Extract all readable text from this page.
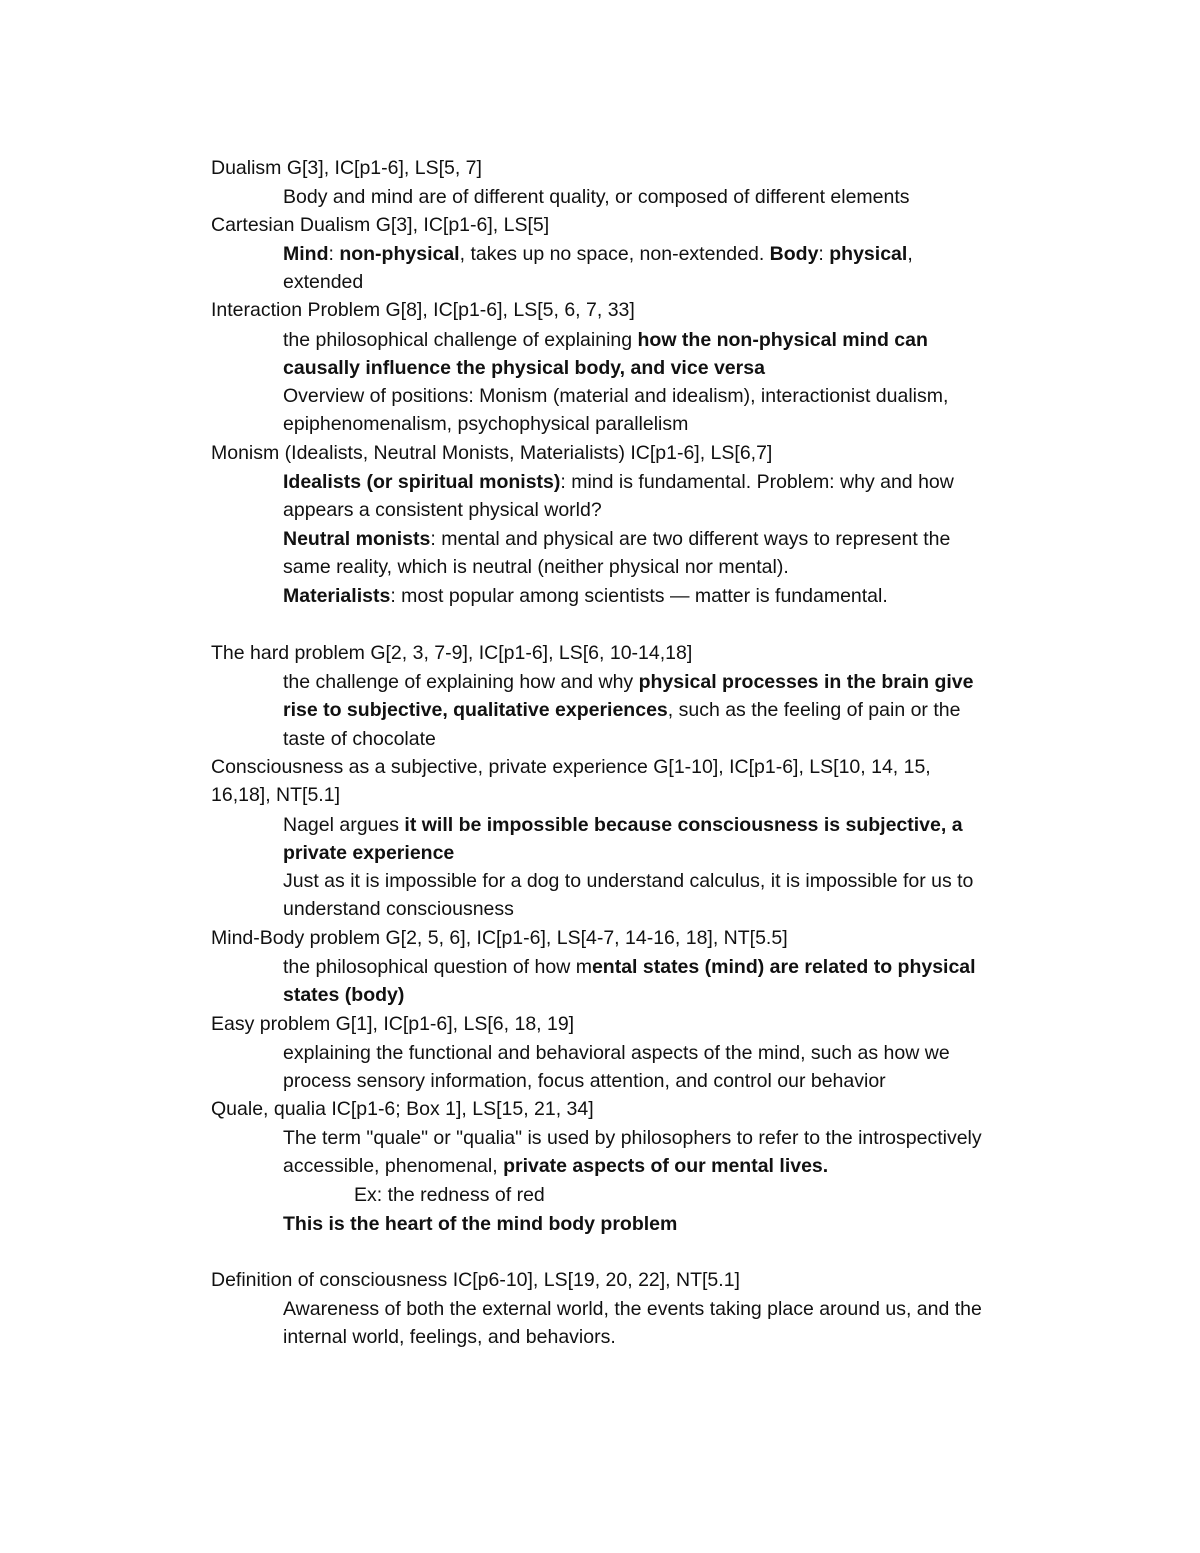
Dualism G[3], IC[p1-6], LS[5, 7]
Body and mind are of different quality, or composed of different elements
Cartesian Dualism G[3], IC[p1-6], LS[5]
Mind: non-physical, takes up no space, non-extended. Body: physical,
extended
Interaction Problem G[8], IC[p1-6], LS[5, 6, 7, 33]
the philosophical challenge of explaining how the non-physical mind can
causally influence the physical body, and vice versa
Overview of positions: Monism (material and idealism), interactionist dualism,
epiphenomenalism, psychophysical parallelism
Monism (Idealists, Neutral Monists, Materialists) IC[p1-6], LS[6,7]
Idealists (or spiritual monists): mind is fundamental. Problem: why and how
appears a consistent physical world?
Neutral monists: mental and physical are two different ways to represent the
same reality, which is neutral (neither physical nor mental).
Materialists: most popular among scientists — matter is fundamental.
The hard problem G[2, 3, 7-9], IC[p1-6], LS[6, 10-14,18]
the challenge of explaining how and why physical processes in the brain give
rise to subjective, qualitative experiences, such as the feeling of pain or the
taste of chocolate
Consciousness as a subjective, private experience G[1-10], IC[p1-6], LS[10, 14, 15,
16,18], NT[5.1]
Nagel argues it will be impossible because consciousness is subjective, a
private experience
Just as it is impossible for a dog to understand calculus, it is impossible for us to
understand consciousness
Mind-Body problem G[2, 5, 6], IC[p1-6], LS[4-7, 14-16, 18], NT[5.5]
the philosophical question of how mental states (mind) are related to physical
states (body)
Easy problem G[1], IC[p1-6], LS[6, 18, 19]
explaining the functional and behavioral aspects of the mind, such as how we
process sensory information, focus attention, and control our behavior
Quale, qualia IC[p1-6; Box 1], LS[15, 21, 34]
The term "quale" or "qualia" is used by philosophers to refer to the introspectively
accessible, phenomenal, private aspects of our mental lives.
Ex: the redness of red
This is the heart of the mind body problem
Definition of consciousness IC[p6-10], LS[19, 20, 22], NT[5.1]
Awareness of both the external world, the events taking place around us, and the
internal world, feelings, and behaviors.
